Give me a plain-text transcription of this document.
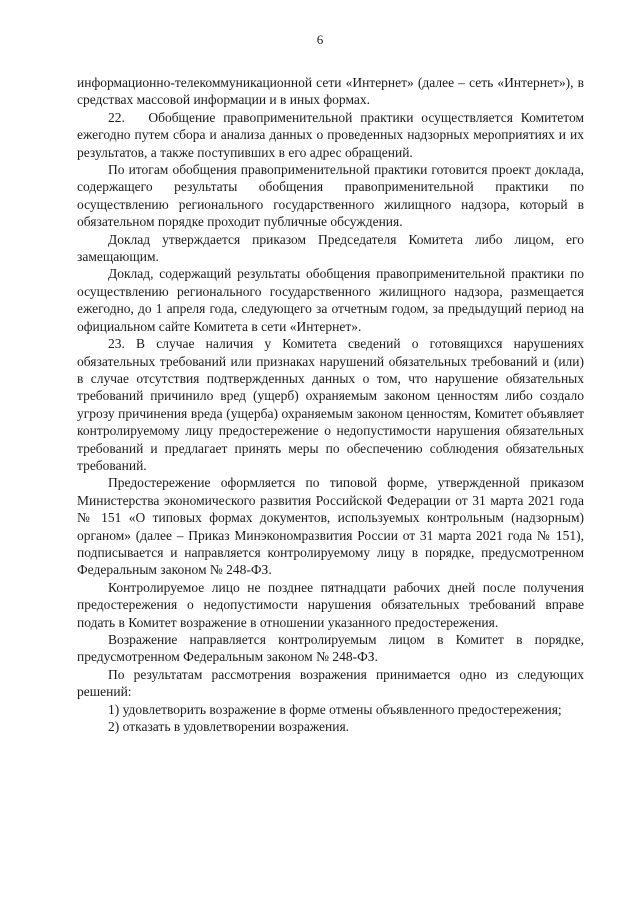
6

информационно-телекоммуникационной сети «Интернет» (далее – сеть «Интернет»), в средствах массовой информации и в иных формах.

22.   Обобщение правоприменительной практики осуществляется Комитетом ежегодно путем сбора и анализа данных о проведенных надзорных мероприятиях и их результатов, а также поступивших в его адрес обращений.

По итогам обобщения правоприменительной практики готовится проект доклада, содержащего результаты обобщения правоприменительной практики по осуществлению регионального государственного жилищного надзора, который в обязательном порядке проходит публичные обсуждения.

Доклад утверждается приказом Председателя Комитета либо лицом, его замещающим.

Доклад, содержащий результаты обобщения правоприменительной практики по осуществлению регионального государственного жилищного надзора, размещается ежегодно, до 1 апреля года, следующего за отчетным годом, за предыдущий период на официальном сайте Комитета в сети «Интернет».

23. В случае наличия у Комитета сведений о готовящихся нарушениях обязательных требований или признаках нарушений обязательных требований и (или) в случае отсутствия подтвержденных данных о том, что нарушение обязательных требований причинило вред (ущерб) охраняемым законом ценностям либо создало угрозу причинения вреда (ущерба) охраняемым законом ценностям, Комитет объявляет контролируемому лицу предостережение о недопустимости нарушения обязательных требований и предлагает принять меры по обеспечению соблюдения обязательных требований.

Предостережение оформляется по типовой форме, утвержденной приказом Министерства экономического развития Российской Федерации от 31 марта 2021 года № 151 «О типовых формах документов, используемых контрольным (надзорным) органом» (далее – Приказ Минэкономразвития России от 31 марта 2021 года № 151), подписывается и направляется контролируемому лицу в порядке, предусмотренном Федеральным законом № 248-ФЗ.

Контролируемое лицо не позднее пятнадцати рабочих дней после получения предостережения о недопустимости нарушения обязательных требований вправе подать в Комитет возражение в отношении указанного предостережения.

Возражение направляется контролируемым лицом в Комитет в порядке, предусмотренном Федеральным законом № 248-ФЗ.

По результатам рассмотрения возражения принимается одно из следующих решений:

1) удовлетворить возражение в форме отмены объявленного предостережения;

2) отказать в удовлетворении возражения.
